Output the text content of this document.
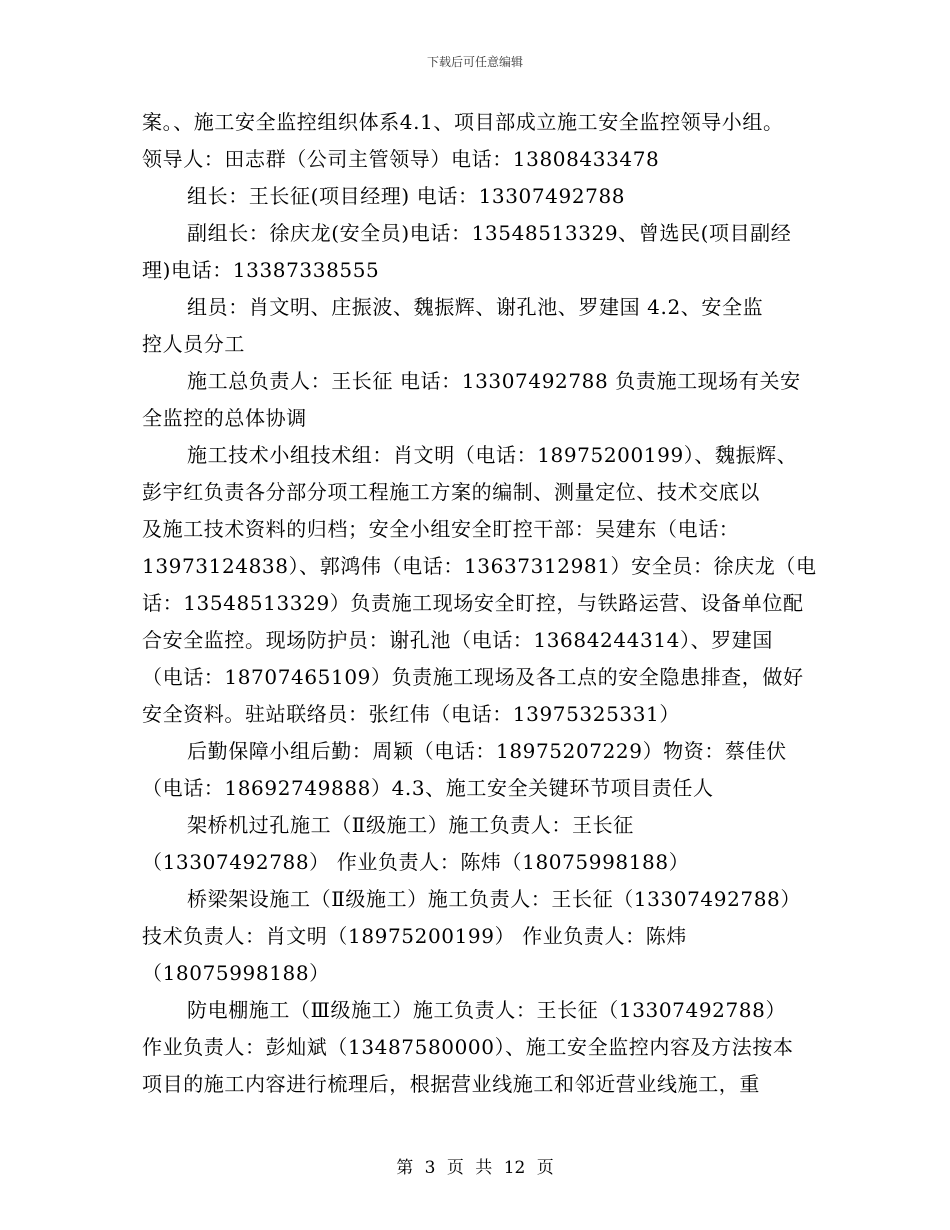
下载后可任意编辑
案。、施工安全监控组织体系4.1、项目部成立施工安全监控领导小组。
领导人：田志群（公司主管领导）电话：13808433478
组长：王长征(项目经理) 电话：13307492788
副组长：徐庆龙(安全员)电话：13548513329、曾选民(项目副经
理)电话：13387338555
组员：肖文明、庄振波、魏振辉、谢孔池、罗建国 4.2、安全监
控人员分工
施工总负责人：王长征 电话：13307492788 负责施工现场有关安
全监控的总体协调
施工技术小组技术组：肖文明（电话：18975200199）、魏振辉、
彭宇红负责各分部分项工程施工方案的编制、测量定位、技术交底以
及施工技术资料的归档；安全小组安全盯控干部：吴建东（电话：
13973124838）、郭鸿伟（电话：13637312981）安全员：徐庆龙（电
话：13548513329）负责施工现场安全盯控，与铁路运营、设备单位配
合安全监控。现场防护员：谢孔池（电话：13684244314）、罗建国
（电话：18707465109）负责施工现场及各工点的安全隐患排查，做好
安全资料。驻站联络员：张红伟（电话：13975325331）
后勤保障小组后勤：周颖（电话：18975207229）物资：蔡佳伏
（电话：18692749888）4.3、施工安全关键环节项目责任人
架桥机过孔施工（Ⅱ级施工）施工负责人：王长征
（13307492788） 作业负责人：陈炜（18075998188）
桥梁架设施工（Ⅱ级施工）施工负责人：王长征（13307492788）
技术负责人：肖文明（18975200199） 作业负责人：陈炜
（18075998188）
防电棚施工（Ⅲ级施工）施工负责人：王长征（13307492788）
作业负责人：彭灿斌（13487580000）、施工安全监控内容及方法按本
项目的施工内容进行梳理后，根据营业线施工和邻近营业线施工，重
第 3 页 共 12 页
